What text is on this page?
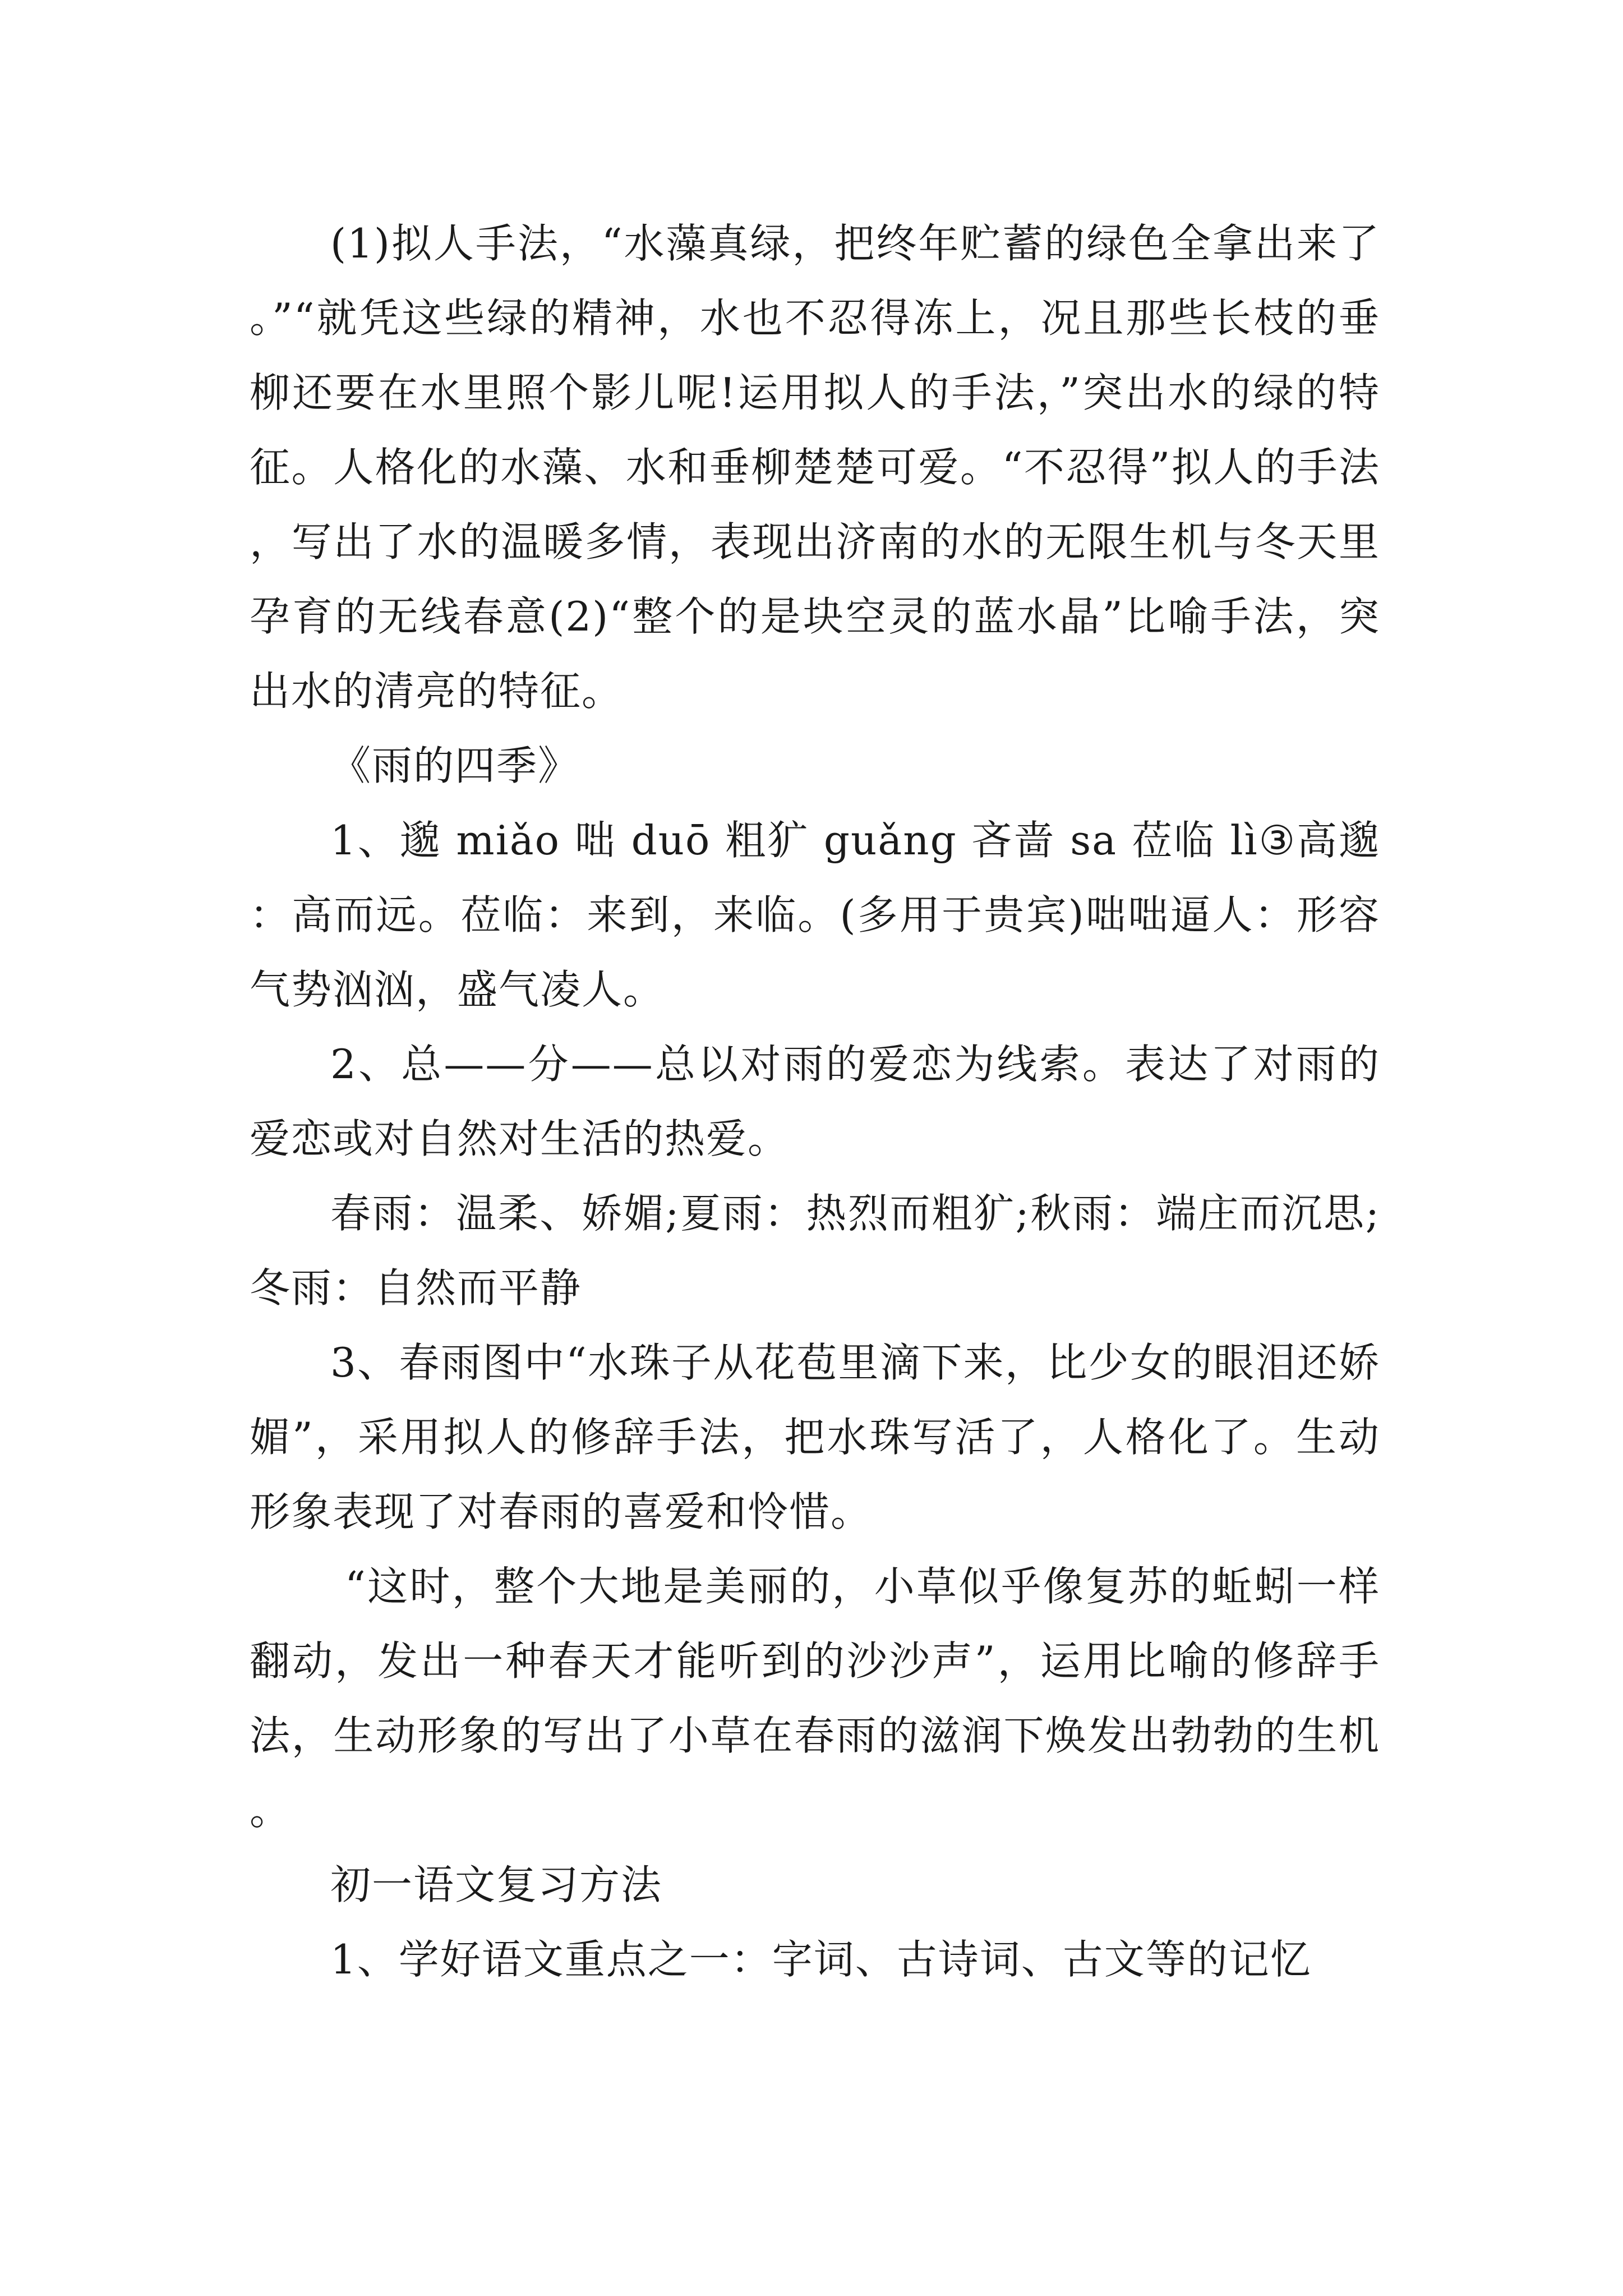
(1)拟人手法，“水藻真绿，把终年贮蓄的绿色全拿出来了。”“就凭这些绿的精神，水也不忍得冻上，况且那些长枝的垂柳还要在水里照个影儿呢!运用拟人的手法，”突出水的绿的特征。人格化的水藻、水和垂柳楚楚可爱。“不忍得”拟人的手法，写出了水的温暖多情，表现出济南的水的无限生机与冬天里孕育的无线春意(2)“整个的是块空灵的蓝水晶”比喻手法，突出水的清亮的特征。

《雨的四季》

1、邈 miǎo 咄 duō 粗犷 guǎng 吝啬 sa 莅临 lì③高邈：高而远。莅临：来到，来临。(多用于贵宾)咄咄逼人：形容气势汹汹，盛气凌人。

2、总——分——总以对雨的爱恋为线索。表达了对雨的爱恋或对自然对生活的热爱。

春雨：温柔、娇媚;夏雨：热烈而粗犷;秋雨：端庄而沉思;冬雨：自然而平静

3、春雨图中“水珠子从花苞里滴下来，比少女的眼泪还娇媚”，采用拟人的修辞手法，把水珠写活了，人格化了。生动形象表现了对春雨的喜爱和怜惜。

“这时，整个大地是美丽的，小草似乎像复苏的蚯蚓一样翻动，发出一种春天才能听到的沙沙声”，运用比喻的修辞手法，生动形象的写出了小草在春雨的滋润下焕发出勃勃的生机。

初一语文复习方法

1、学好语文重点之一：字词、古诗词、古文等的记忆
